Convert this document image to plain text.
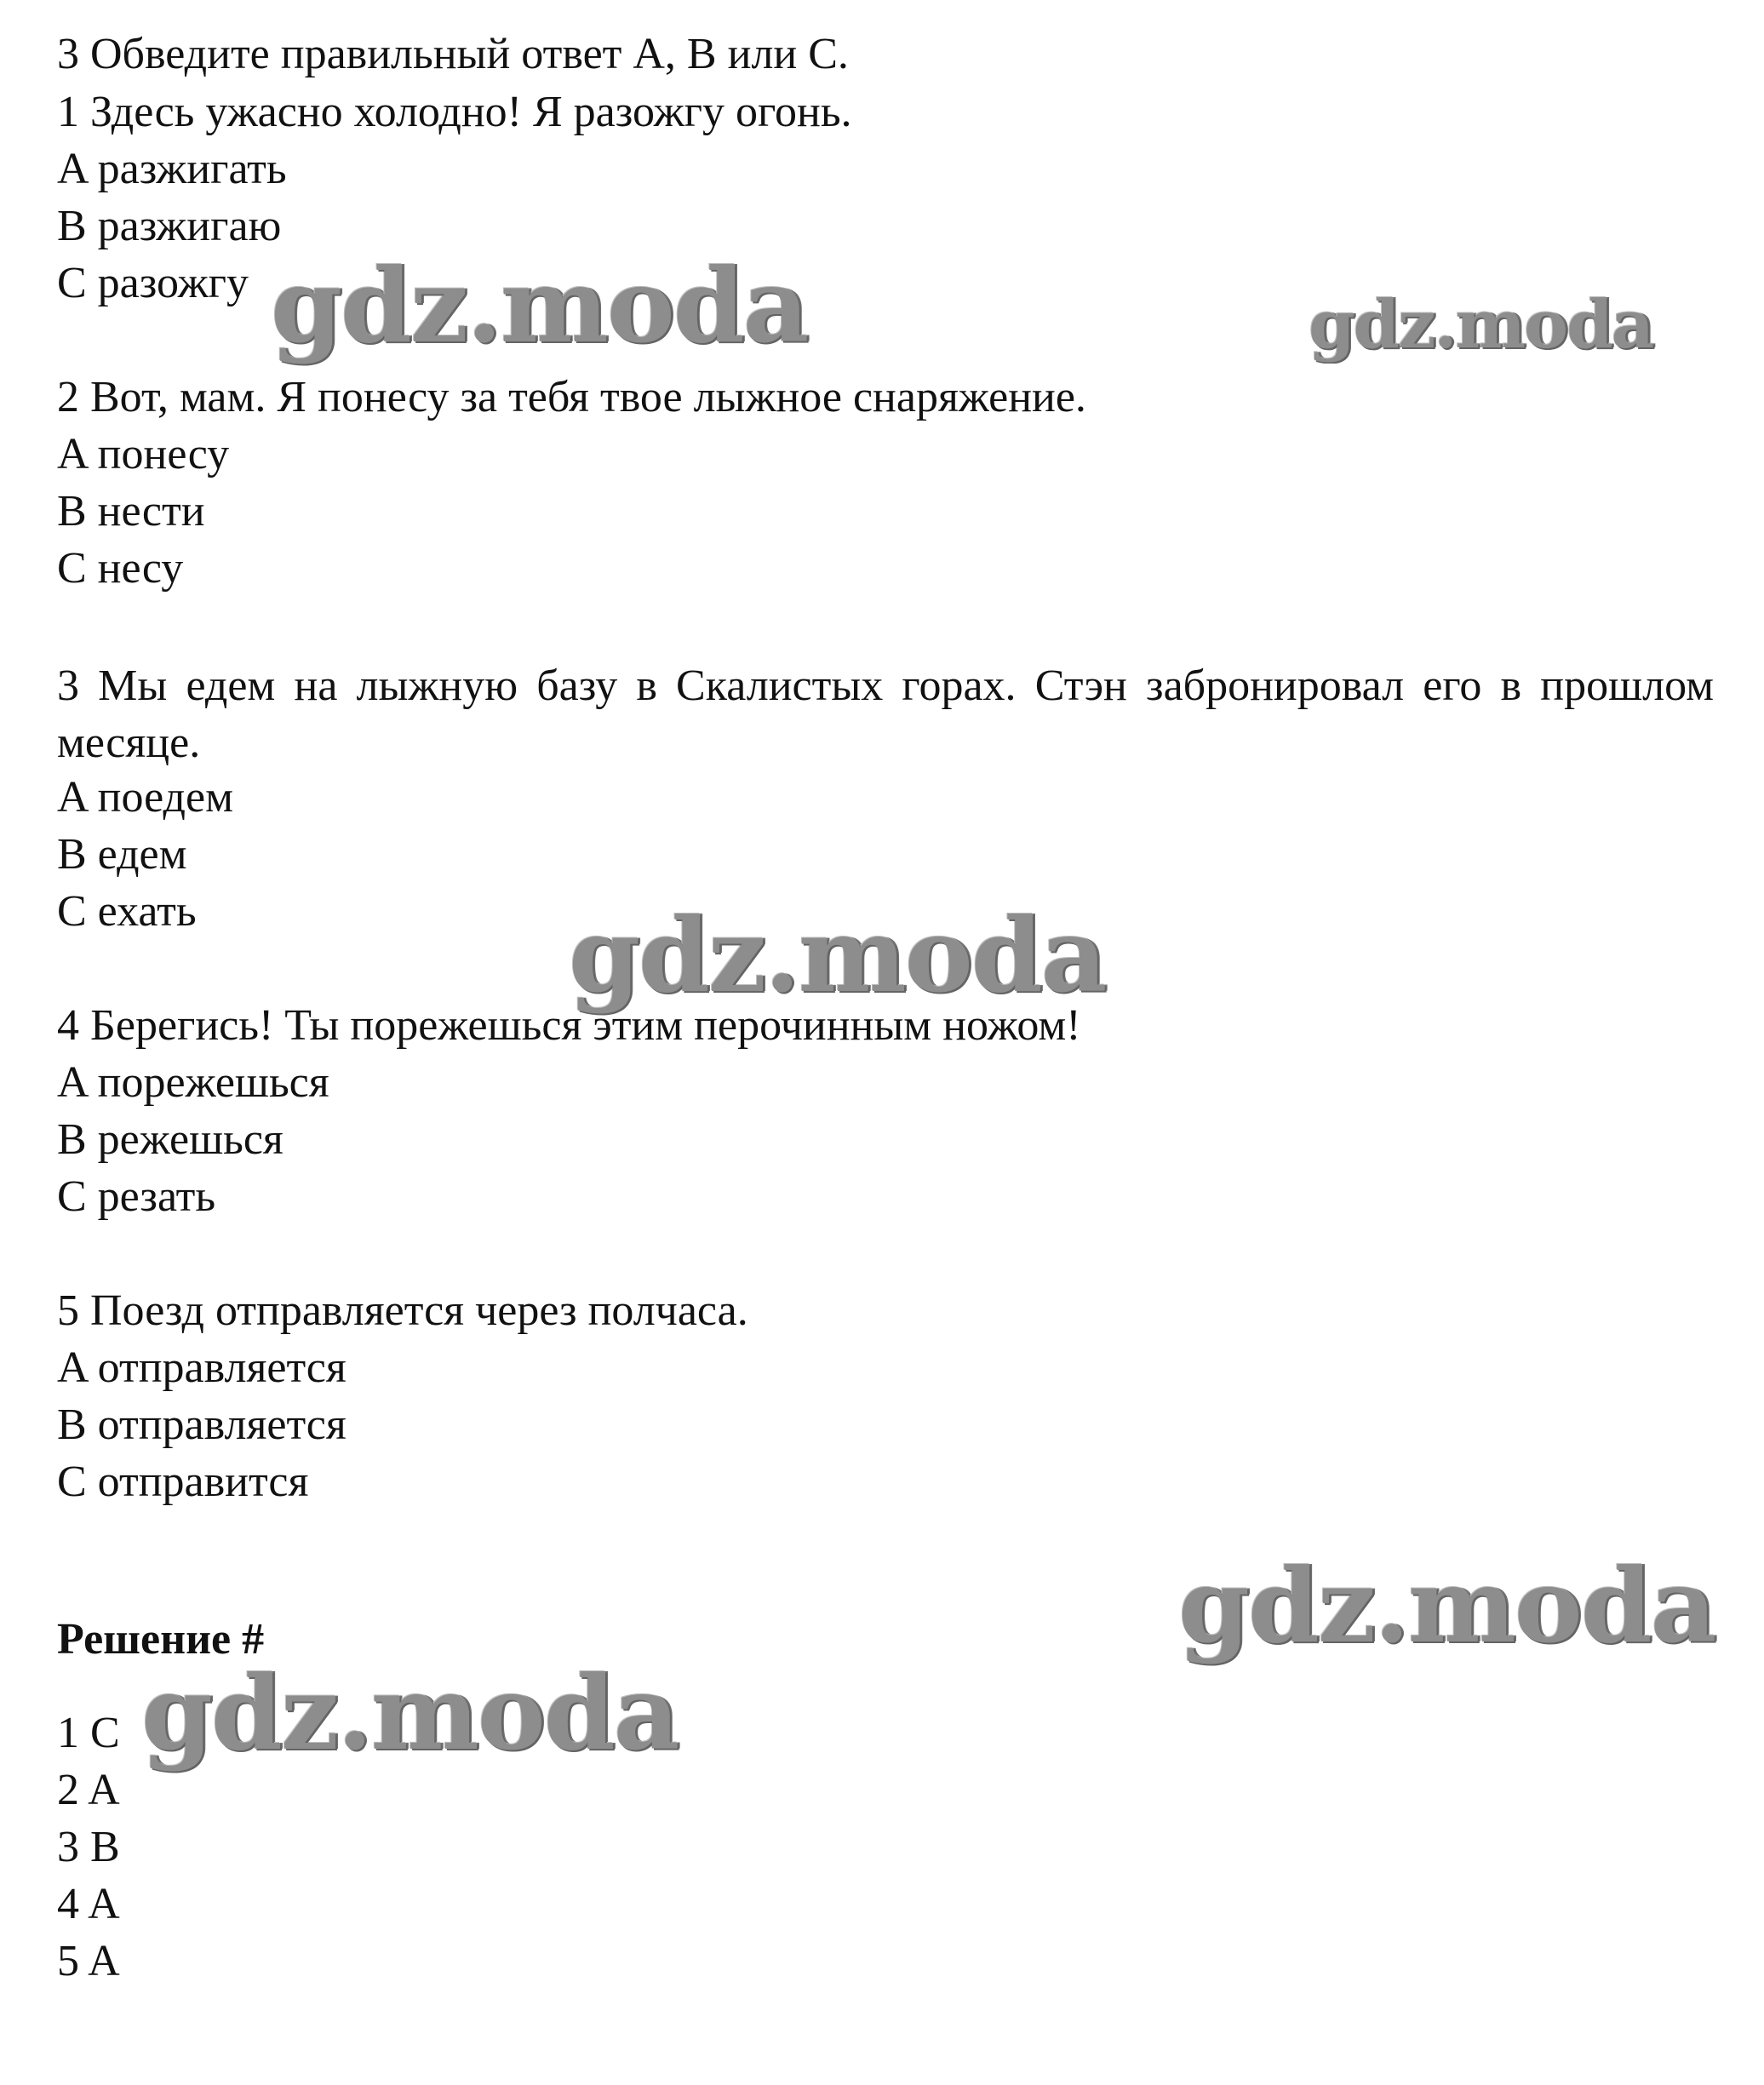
3 Обведите правильный ответ A, B или C.
1 Здесь ужасно холодно! Я разожгу огонь.
A разжигать
B разжигаю
C разожгу
2 Вот, мам. Я понесу за тебя твое лыжное снаряжение.
A понесу
B нести
C несу
3 Мы едем на лыжную базу в Скалистых горах. Стэн забронировал его в прошлом месяце.
A поедем
B едем
C ехать
4 Берегись! Ты порежешься этим перочинным ножом!
A порежешься
B режешься
C резать
5 Поезд отправляется через полчаса.
A отправляется
B отправляется
C отправится
Решение #
1 C
2 A
3 B
4 A
5 A
gdz.moda	gdz.moda
gdz.moda
gdz.moda
gdz.moda
